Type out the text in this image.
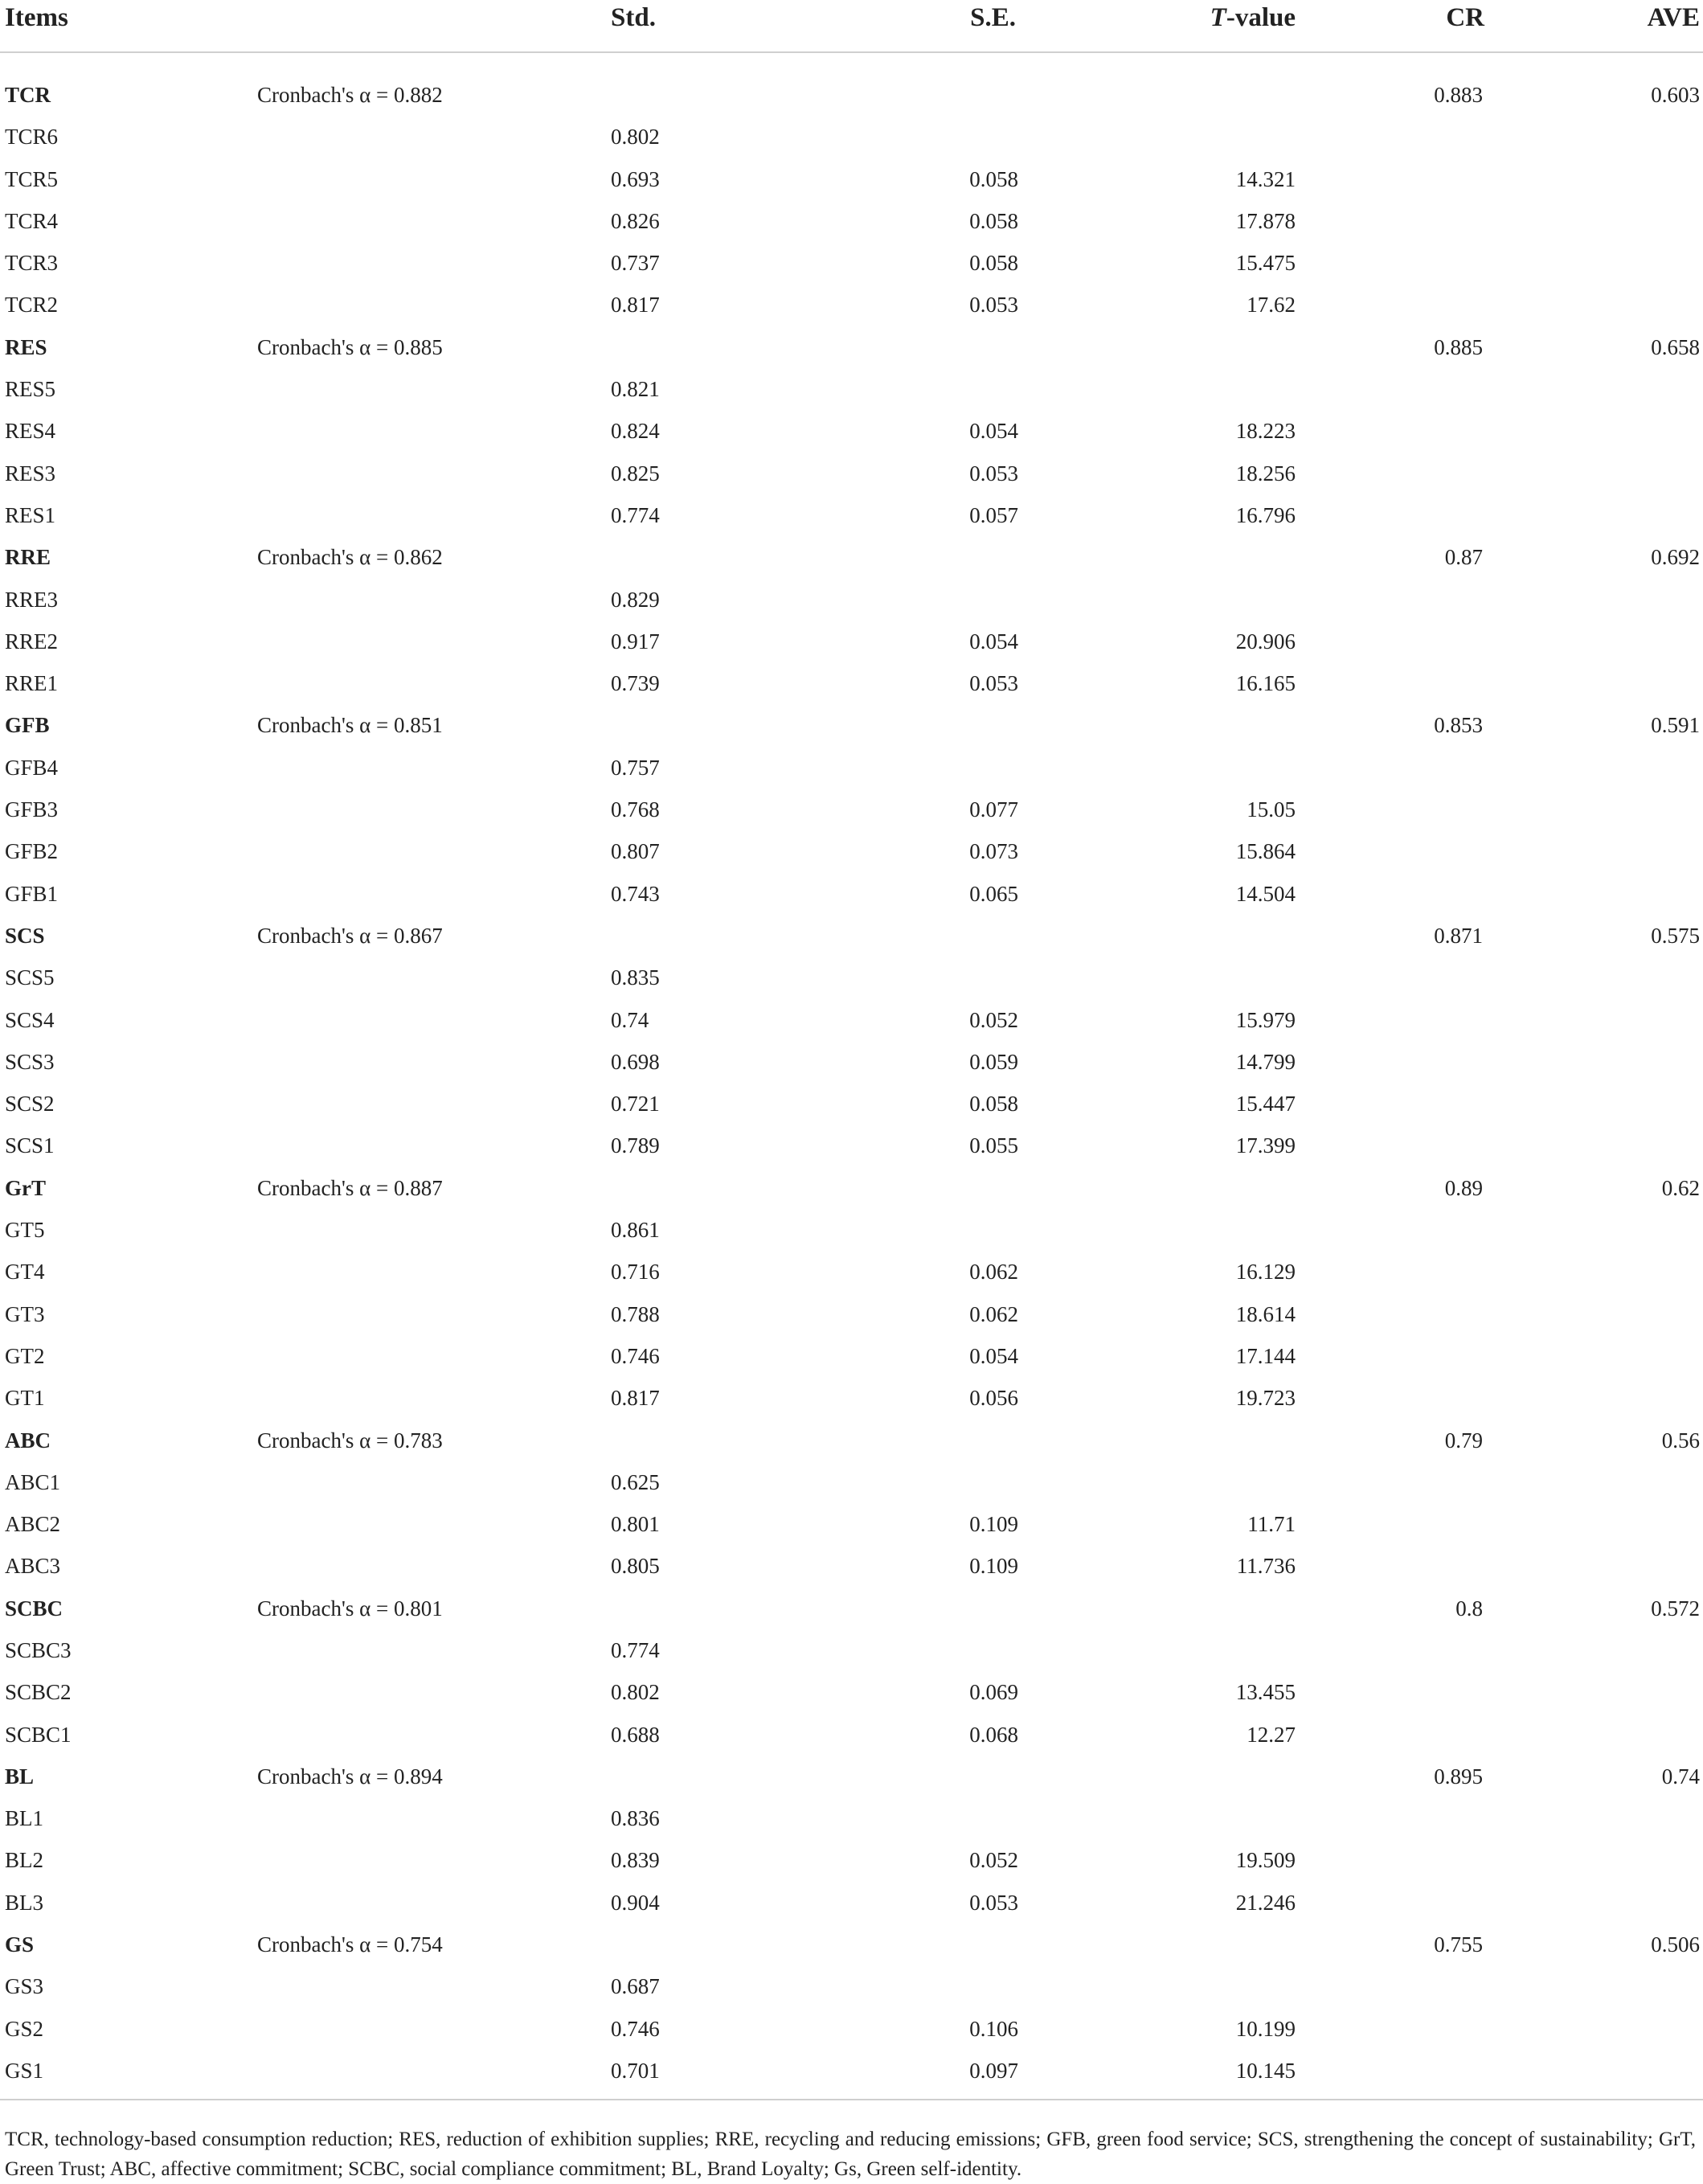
Items		Std.	S.E.	T-value	CR	AVE
TCR	Cronbach's α = 0.882				0.883	0.603
TCR6		0.802				
TCR5		0.693	0.058	14.321		
TCR4		0.826	0.058	17.878		
TCR3		0.737	0.058	15.475		
TCR2		0.817	0.053	17.62		
RES	Cronbach's α = 0.885				0.885	0.658
RES5		0.821				
RES4		0.824	0.054	18.223		
RES3		0.825	0.053	18.256		
RES1		0.774	0.057	16.796		
RRE	Cronbach's α = 0.862				0.87	0.692
RRE3		0.829				
RRE2		0.917	0.054	20.906		
RRE1		0.739	0.053	16.165		
GFB	Cronbach's α = 0.851				0.853	0.591
GFB4		0.757				
GFB3		0.768	0.077	15.05		
GFB2		0.807	0.073	15.864		
GFB1		0.743	0.065	14.504		
SCS	Cronbach's α = 0.867				0.871	0.575
SCS5		0.835				
SCS4		0.74	0.052	15.979		
SCS3		0.698	0.059	14.799		
SCS2		0.721	0.058	15.447		
SCS1		0.789	0.055	17.399		
GrT	Cronbach's α = 0.887				0.89	0.62
GT5		0.861				
GT4		0.716	0.062	16.129		
GT3		0.788	0.062	18.614		
GT2		0.746	0.054	17.144		
GT1		0.817	0.056	19.723		
ABC	Cronbach's α = 0.783				0.79	0.56
ABC1		0.625				
ABC2		0.801	0.109	11.71		
ABC3		0.805	0.109	11.736		
SCBC	Cronbach's α = 0.801				0.8	0.572
SCBC3		0.774				
SCBC2		0.802	0.069	13.455		
SCBC1		0.688	0.068	12.27		
BL	Cronbach's α = 0.894				0.895	0.74
BL1		0.836				
BL2		0.839	0.052	19.509		
BL3		0.904	0.053	21.246		
GS	Cronbach's α = 0.754				0.755	0.506
GS3		0.687				
GS2		0.746	0.106	10.199		
GS1		0.701	0.097	10.145		

TCR, technology-based consumption reduction; RES, reduction of exhibition supplies; RRE, recycling and reducing emissions; GFB, green food service; SCS, strengthening the concept of sustainability; GrT, Green Trust; ABC, affective commitment; SCBC, social compliance commitment; BL, Brand Loyalty; Gs, Green self-identity.
